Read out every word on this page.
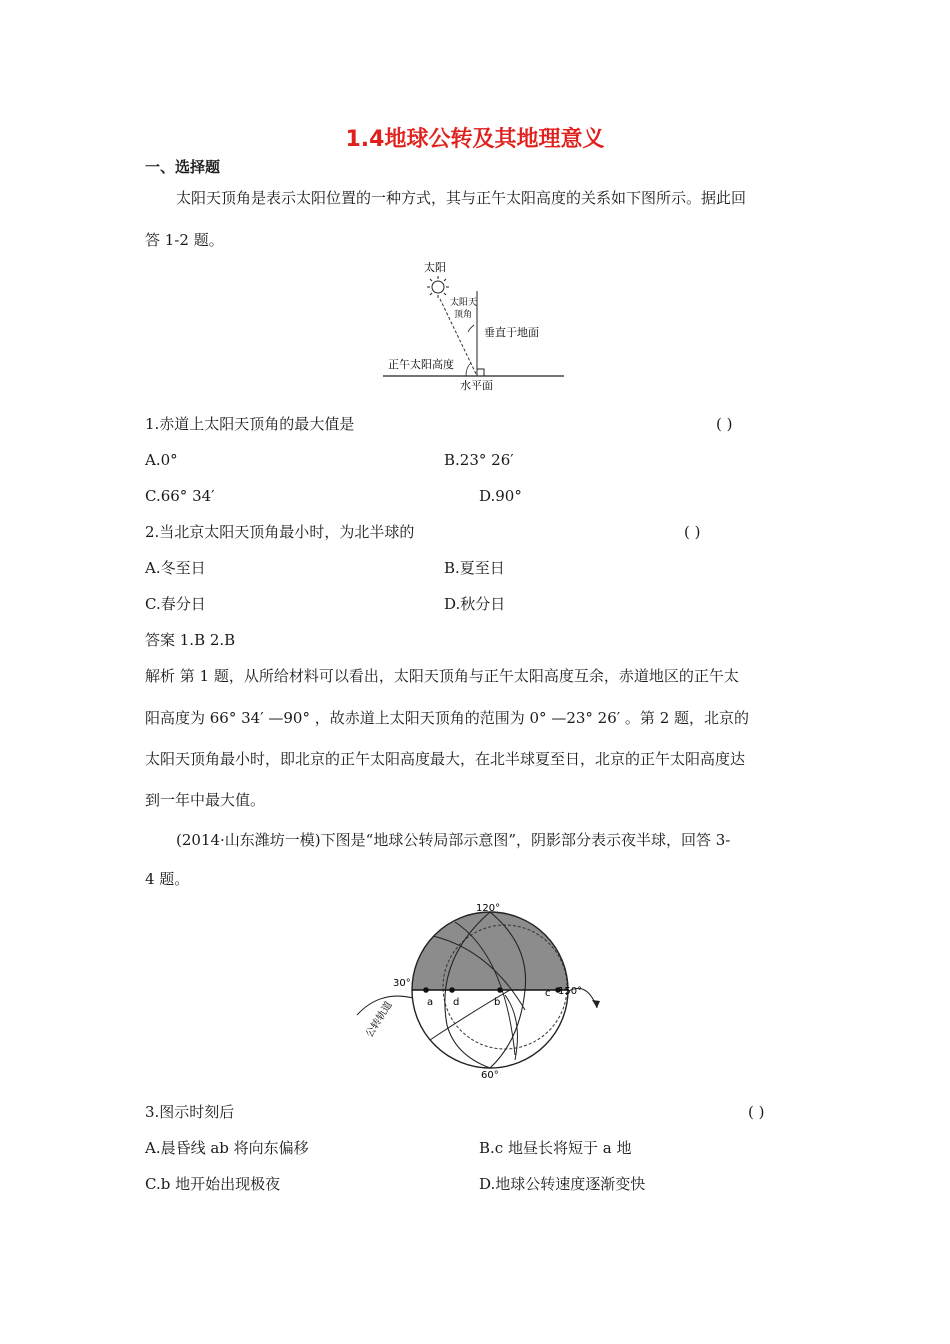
1.4地球公转及其地理意义
一、选择题
太阳天顶角是表示太阳位置的一种方式，其与正午太阳高度的关系如下图所示。据此回
答 1-2 题。
太阳
太阳天
顶角
垂直于地面
正午太阳高度
水平面
1.赤道上太阳天顶角的最大值是	( )
A.0°	B.23° 26′
C.66° 34′	D.90°
2.当北京太阳天顶角最小时，为北半球的	( )
A.冬至日	B.夏至日
C.春分日	D.秋分日
答案 1.B 2.B
解析 第 1 题，从所给材料可以看出，太阳天顶角与正午太阳高度互余，赤道地区的正午太
阳高度为 66° 34′ —90° ，故赤道上太阳天顶角的范围为 0° —23° 26′ 。第 2 题，北京的
太阳天顶角最小时，即北京的正午太阳高度最大，在北半球夏至日，北京的正午太阳高度达
到一年中最大值。
(2014·山东潍坊一模)下图是“地球公转局部示意图”，阴影部分表示夜半球，回答 3-
4 题。
a d	b
c
120°
30°
150°
60°
公转轨道
3.图示时刻后	( )
A.晨昏线 ab 将向东偏移	B.c 地昼长将短于 a 地
C.b 地开始出现极夜	D.地球公转速度逐渐变快
